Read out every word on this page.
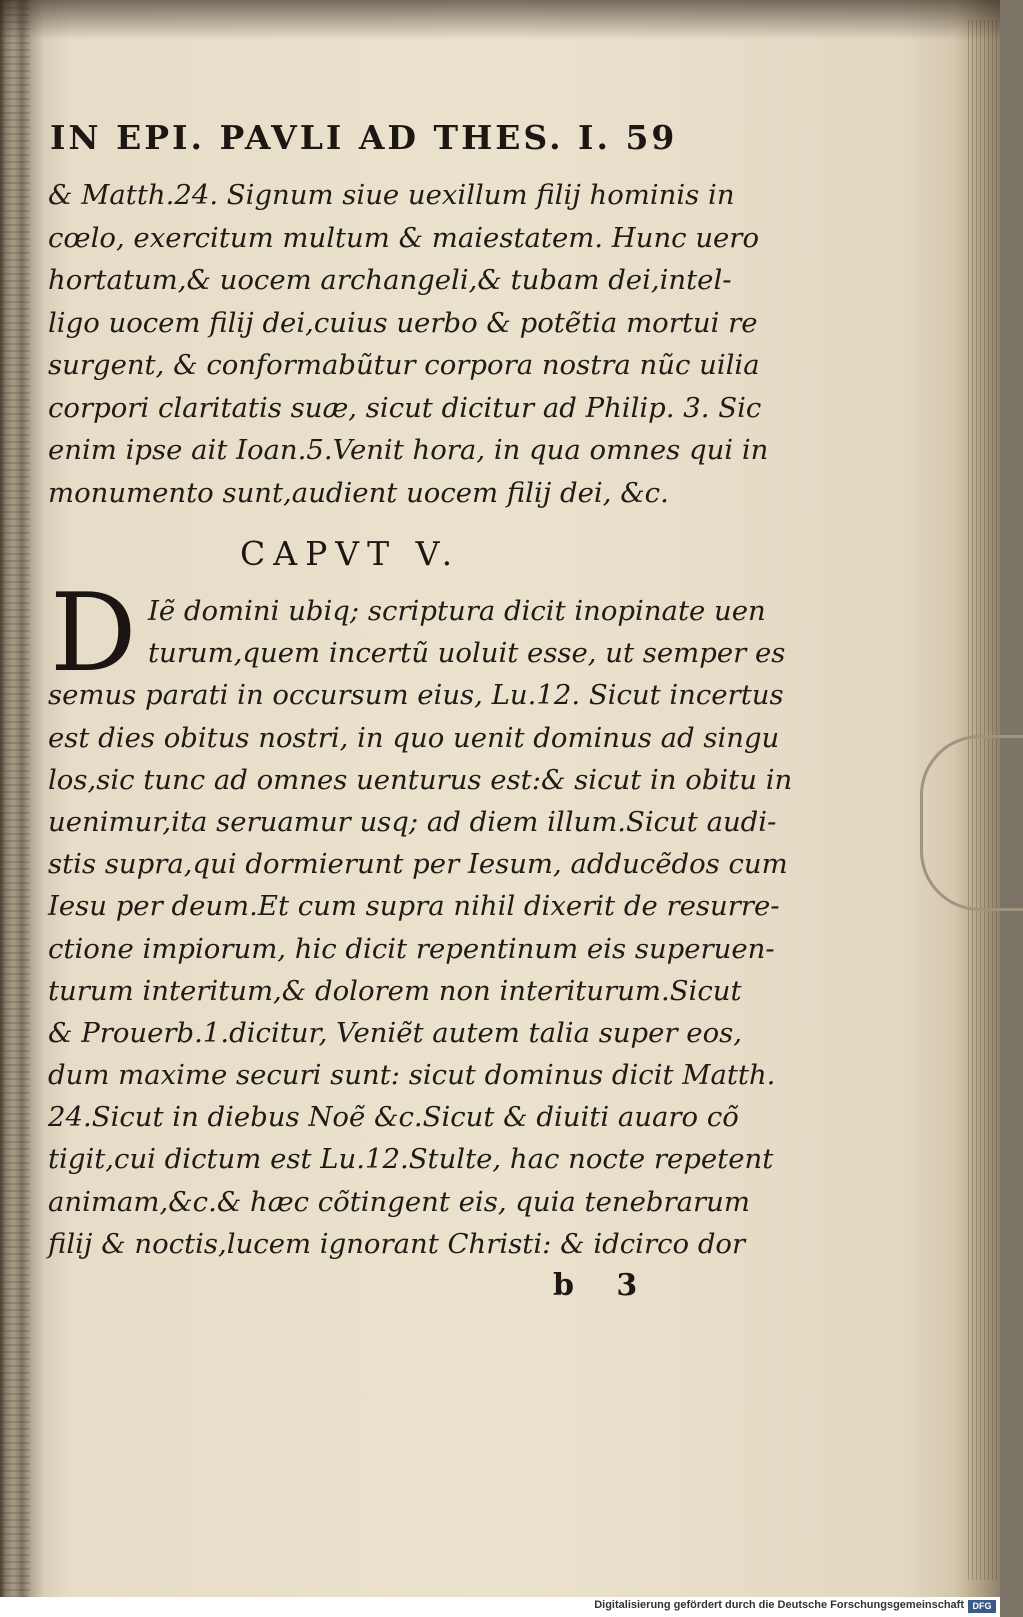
IN EPI. PAVLI AD THES. I. 59
& Matth.24. Signum siue uexillum filij hominis in
cœlo, exercitum multum & maiestatem. Hunc uero
hortatum,& uocem archangeli,& tubam dei,intel-
ligo uocem filij dei,cuius uerbo & potẽtia mortui re
surgent, & conformabũtur corpora nostra nũc uilia
corpori claritatis suæ, sicut dicitur ad Philip. 3. Sic
enim ipse ait Ioan.5.Venit hora, in qua omnes qui in
monumento sunt,audient uocem filij dei, &c.
CAPVT V.
D Iẽ domini ubiq; scriptura dicit inopinate uen
turum,quem incertũ uoluit esse, ut semper es
semus parati in occursum eius, Lu.12. Sicut incertus
est dies obitus nostri, in quo uenit dominus ad singu
los,sic tunc ad omnes uenturus est:& sicut in obitu in
uenimur,ita seruamur usq; ad diem illum.Sicut audi-
stis supra,qui dormierunt per Iesum, adducẽdos cum
Iesu per deum.Et cum supra nihil dixerit de resurre-
ctione impiorum, hic dicit repentinum eis superuen-
turum interitum,& dolorem non interiturum.Sicut
& Prouerb.1.dicitur, Veniẽt autem talia super eos,
dum maxime securi sunt: sicut dominus dicit Matth.
24.Sicut in diebus Noẽ &c.Sicut & diuiti auaro cõ
tigit,cui dictum est Lu.12.Stulte, hac nocte repetent
animam,&c.& hæc cõtingent eis, quia tenebrarum
filij & noctis,lucem ignorant Christi: & idcirco dor
b 3
Digitalisierung gefördert durch die Deutsche Forschungsgemeinschaft DFG
